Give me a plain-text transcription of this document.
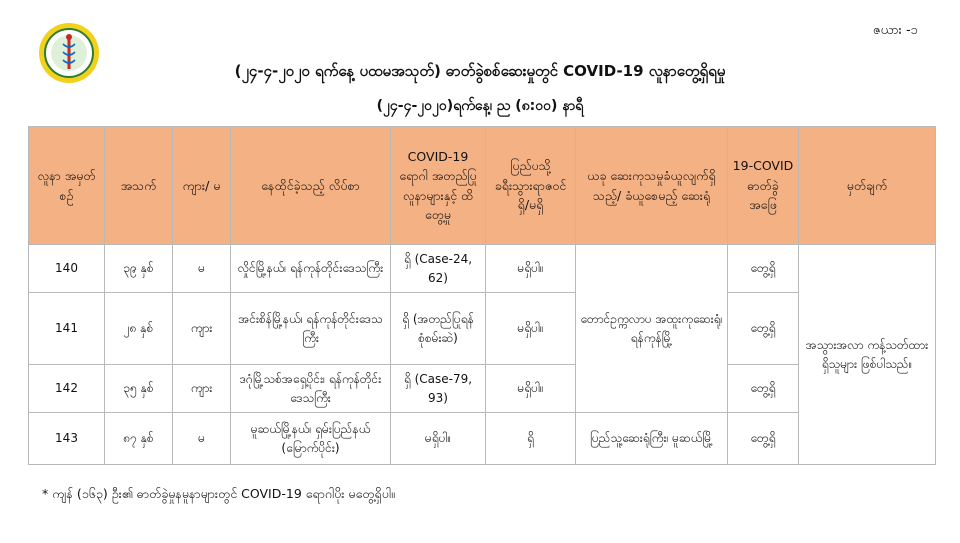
ဇယား -၁
(၂၄-၄-၂၀၂၀ ရက်နေ့ ပထမအသုတ်) ဓာတ်ခွဲစစ်ဆေးမှုတွင် COVID-19 လူနာတွေ့ရှိရမှု
(၂၄-၄-၂၀၂၀)ရက်နေ့၊ ည (၈:၀၀) နာရီ
လူနာ အမှတ်စဉ်	အသက်	ကျား/ မ	နေထိုင်ခဲ့သည့် လိပ်စာ	COVID-19 ရောဂါ အတည်ပြုလူနာများနှင့် ထိတွေ့မှု	ပြည်ပသို့ ခရီးသွားရာဇဝင် ရှိ/မရှိ	ယခု ဆေးကုသမှုခံယူလျက်ရှိသည့်/ ခံယူစေမည့် ဆေးရုံ	19-COVID ဓာတ်ခွဲ အဖြေ	မှတ်ချက်
140	၃၉ နှစ်	မ	လှိုင်မြို့နယ်၊ ရန်ကုန်တိုင်းဒေသကြီး	ရှိ (Case-24, 62)	မရှိပါ။	တောင်ဥက္ကလာပ အထူးကုဆေးရုံ၊ ရန်ကုန်မြို့	တွေ့ရှိ	အသွားအလာ ကန့်သတ်ထားရှိသူများ ဖြစ်ပါသည်။
141	၂၈ နှစ်	ကျား	အင်းစိန်မြို့နယ်၊ ရန်ကုန်တိုင်းဒေသကြီး	ရှိ (အတည်ပြုရန် စုံစမ်းဆဲ)	မရှိပါ။		တွေ့ရှိ	
142	၃၅ နှစ်	ကျား	ဒဂုံမြို့သစ်အရှေ့ပိုင်း၊ ရန်ကုန်တိုင်းဒေသကြီး	ရှိ (Case-79, 93)	မရှိပါ။		တွေ့ရှိ	
143	၈၇ နှစ်	မ	မူဆယ်မြို့နယ်၊ ရှမ်းပြည်နယ် (မြောက်ပိုင်း)	မရှိပါ။	ရှိ	ပြည်သူ့ဆေးရုံကြီး၊ မူဆယ်မြို့	တွေ့ရှိ	
* ကျန် (၁၆၃) ဦး၏ ဓာတ်ခွဲမှုနမူနာများတွင် COVID-19 ရောဂါပိုး မတွေ့ရှိပါ။
